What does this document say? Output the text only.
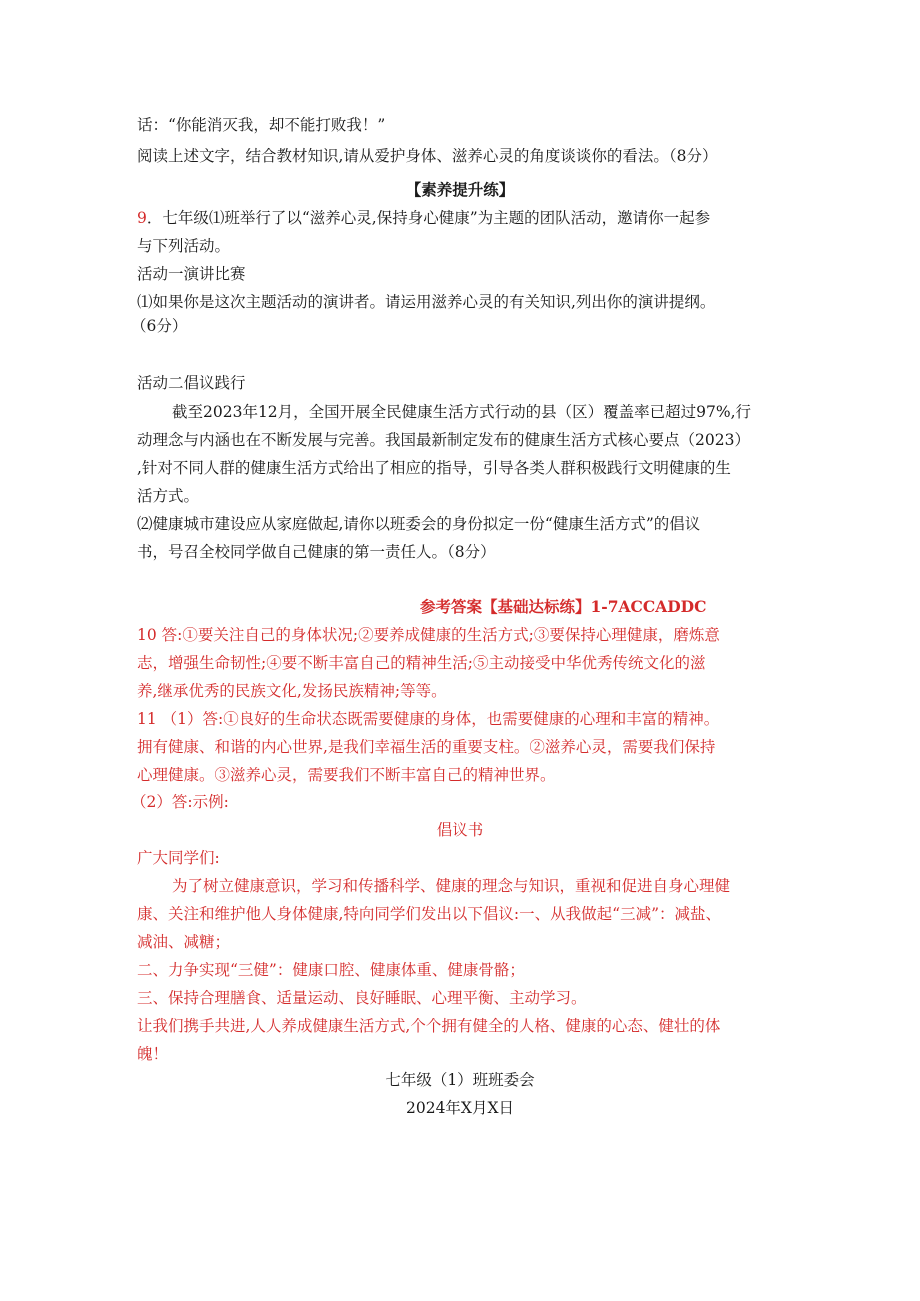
话：“你能消灭我，却不能打败我！”
阅读上述文字，结合教材知识,请从爱护身体、滋养心灵的角度谈谈你的看法。（8分）
【素养提升练】
9．七年级⑴班举行了以“滋养心灵,保持身心健康”为主题的团队活动，邀请你一起参
与下列活动。
活动一演讲比赛
⑴如果你是这次主题活动的演讲者。请运用滋养心灵的有关知识,列出你的演讲提纲。
（6分）
活动二倡议践行
截至2023年12月，全国开展全民健康生活方式行动的县（区）覆盖率已超过97%,行
动理念与内涵也在不断发展与完善。我国最新制定发布的健康生活方式核心要点（2023）
,针对不同人群的健康生活方式给出了相应的指导，引导各类人群积极践行文明健康的生
活方式。
⑵健康城市建设应从家庭做起,请你以班委会的身份拟定一份“健康生活方式”的倡议
书，号召全校同学做自己健康的第一责任人。（8分）
参考答案【基础达标练】1-7ACCADDC
10 答:①要关注自己的身体状况;②要养成健康的生活方式;③要保持心理健康，磨炼意
志，增强生命韧性;④要不断丰富自己的精神生活;⑤主动接受中华优秀传统文化的滋
养,继承优秀的民族文化,发扬民族精神;等等。
11 （1）答:①良好的生命状态既需要健康的身体，也需要健康的心理和丰富的精神。
拥有健康、和谐的内心世界,是我们幸福生活的重要支柱。②滋养心灵，需要我们保持
心理健康。③滋养心灵，需要我们不断丰富自己的精神世界。
（2）答:示例:
倡议书
广大同学们:
为了树立健康意识，学习和传播科学、健康的理念与知识，重视和促进自身心理健
康、关注和维护他人身体健康,特向同学们发出以下倡议:一、从我做起“三减”：减盐、
减油、减糖；
二、力争实现“三健”：健康口腔、健康体重、健康骨骼；
三、保持合理膳食、适量运动、良好睡眠、心理平衡、主动学习。
让我们携手共进,人人养成健康生活方式,个个拥有健全的人格、健康的心态、健壮的体
魄！
七年级（1）班班委会
2024年X月X日
